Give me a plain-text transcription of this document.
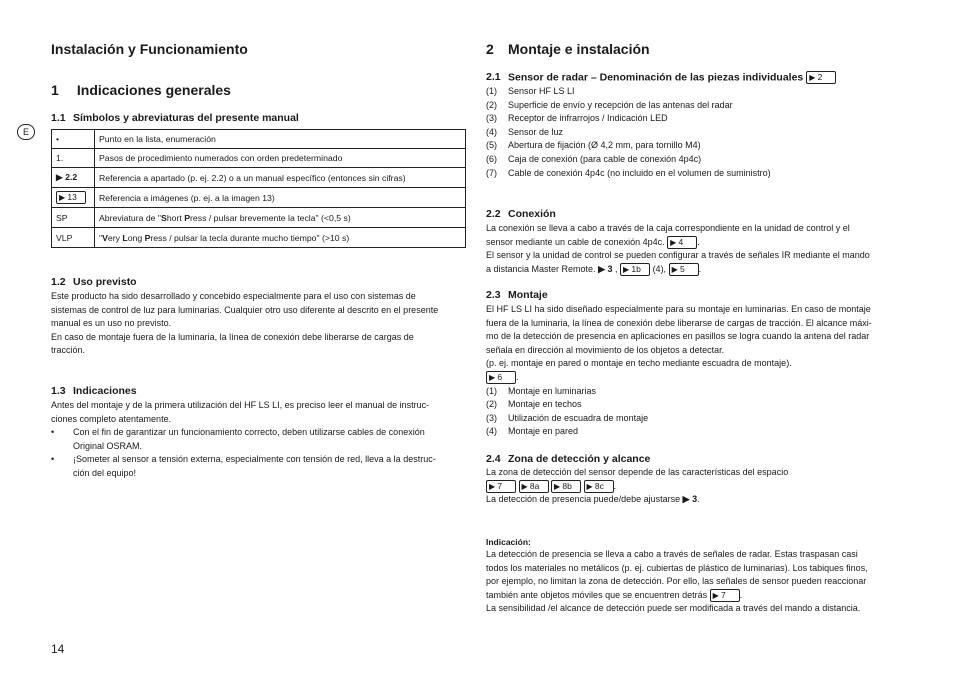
Instalación y Funcionamiento
E
1 Indicaciones generales
1.1 Símbolos y abreviaturas del presente manual
•	Punto en la lista, enumeración
1.	Pasos de procedimiento numerados con orden predeterminado
▶ 2.2	Referencia a apartado (p. ej. 2.2) o a un manual específico (entonces sin cifras)
▶ 13	Referencia a imágenes (p. ej. a la imagen 13)
SP	Abreviatura de "Short Press / pulsar brevemente la tecla" (<0,5 s)
VLP	"Very Long Press / pulsar la tecla durante mucho tiempo" (>10 s)
1.2 Uso previsto
Este producto ha sido desarrollado y concebido especialmente para el uso con sistemas de
sistemas de control de luz para luminarias. Cualquier otro uso diferente al descrito en el presente
manual es un uso no previsto.
En caso de montaje fuera de la luminaria, la línea de conexión debe liberarse de cargas de
tracción.
1.3 Indicaciones
Antes del montaje y de la primera utilización del HF LS LI, es preciso leer el manual de instruc-
ciones completo atentamente.
• Con el fin de garantizar un funcionamiento correcto, deben utilizarse cables de conexión
Original OSRAM.
• ¡Someter al sensor a tensión externa, especialmente con tensión de red, lleva a la destruc-
ción del equipo!
14
2 Montaje e instalación
2.1 Sensor de radar – Denominación de las piezas individuales ▶ 2
(1) Sensor HF LS LI
(2) Superficie de envío y recepción de las antenas del radar
(3) Receptor de infrarrojos / Indicación LED
(4) Sensor de luz
(5) Abertura de fijación (Ø 4,2 mm, para tornillo M4)
(6) Caja de conexión (para cable de conexión 4p4c)
(7) Cable de conexión 4p4c (no incluido en el volumen de suministro)
2.2 Conexión
La conexión se lleva a cabo a través de la caja correspondiente en la unidad de control y el
sensor mediante un cable de conexión 4p4c. ▶ 4 .
El sensor y la unidad de control se pueden configurar a través de señales IR mediante el mando
a distancia Master Remote. ▶ 3 , ▶ 1b (4), ▶ 5 .
2.3 Montaje
El HF LS LI ha sido diseñado especialmente para su montaje en luminarias. En caso de montaje
fuera de la luminaria, la línea de conexión debe liberarse de cargas de tracción. El alcance máxi-
mo de la detección de presencia en aplicaciones en pasillos se logra cuando la antena del radar
señala en dirección al movimiento de los objetos a detectar.
(p. ej. montaje en pared o montaje en techo mediante escuadra de montaje).
▶ 6 .
(1) Montaje en luminarias
(2) Montaje en techos
(3) Utilización de escuadra de montaje
(4) Montaje en pared
2.4 Zona de detección y alcance
La zona de detección del sensor depende de las características del espacio
▶ 7	▶ 8a	▶ 8b	▶ 8c .
La detección de presencia puede/debe ajustarse ▶ 3.
Indicación:
La detección de presencia se lleva a cabo a través de señales de radar. Estas traspasan casi
todos los materiales no metálicos (p. ej. cubiertas de plástico de luminarias). Los tabiques finos,
por ejemplo, no limitan la zona de detección. Por ello, las señales de sensor pueden reaccionar
también ante objetos móviles que se encuentren detrás ▶ 7 .
La sensibilidad /el alcance de detección puede ser modificada a través del mando a distancia.
